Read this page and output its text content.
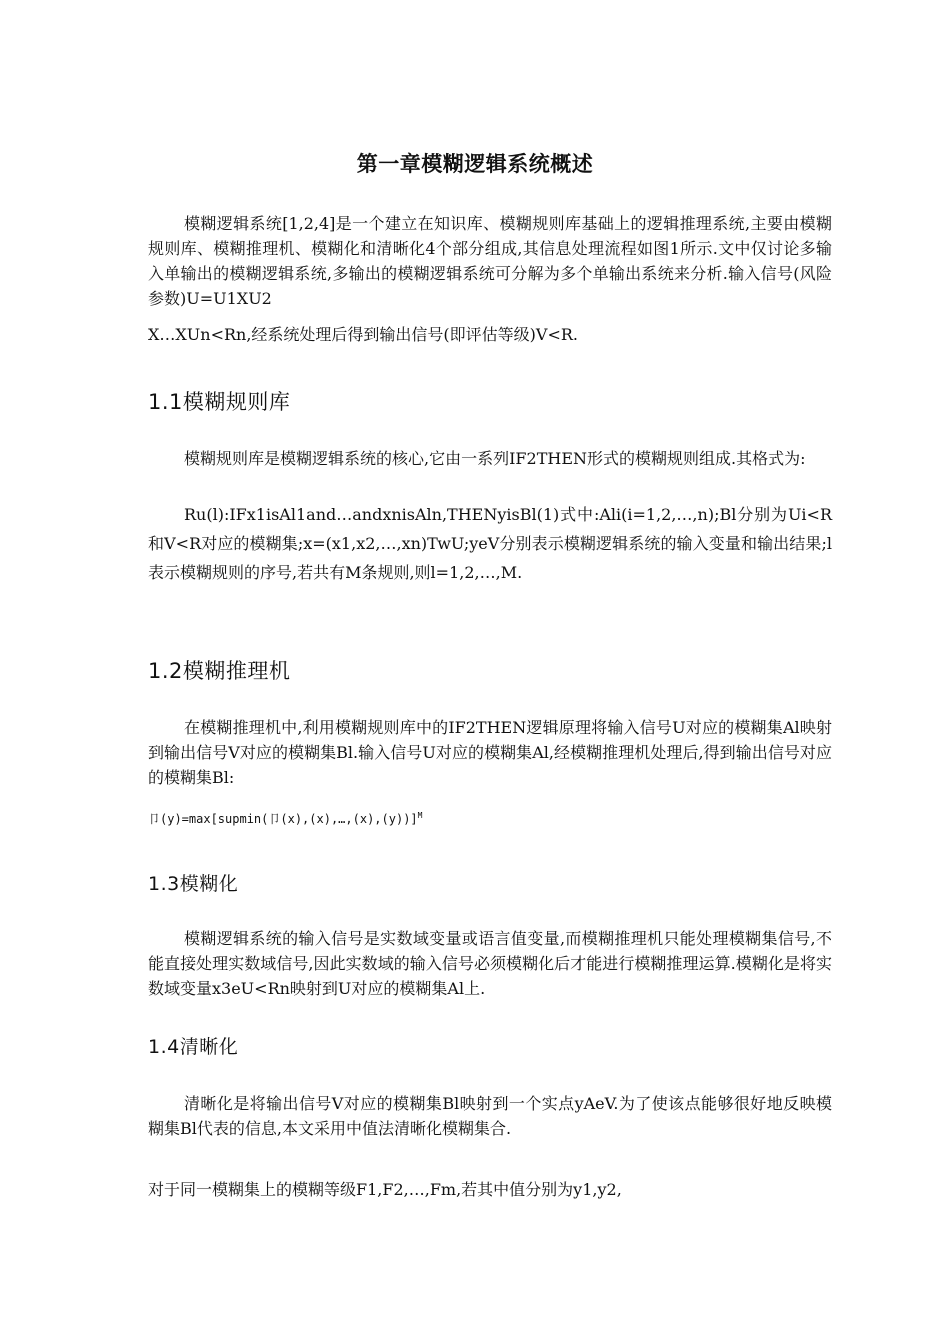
第一章模糊逻辑系统概述
模糊逻辑系统[1,2,4]是一个建立在知识库、模糊规则库基础上的逻辑推理系统,主要由模糊规则库、模糊推理机、模糊化和清晰化4个部分组成,其信息处理流程如图1所示.文中仅讨论多输入单输出的模糊逻辑系统,多输出的模糊逻辑系统可分解为多个单输出系统来分析.输入信号(风险参数)U=U1XU2
X…XUn<Rn,经系统处理后得到输出信号(即评估等级)V<R.
1.1模糊规则库
模糊规则库是模糊逻辑系统的核心,它由一系列IF2THEN形式的模糊规则组成.其格式为:
Ru(l):IFx1isAl1and…andxnisAln,THENyisBl(1)式中:Ali(i=1,2,…,n);Bl分别为Ui<R和V<R对应的模糊集;x=(x1,x2,…,xn)TwU;yeV分别表示模糊逻辑系统的输入变量和输出结果;l表示模糊规则的序号,若共有M条规则,则l=1,2,…,M.
1.2模糊推理机
在模糊推理机中,利用模糊规则库中的IF2THEN逻辑原理将输入信号U对应的模糊集Al映射到输出信号V对应的模糊集Bl.输入信号U对应的模糊集Al,经模糊推理机处理后,得到输出信号对应的模糊集Bl:
卩(y)=max[supmin(卩(x),(x),…,(x),(y))]$^M$
1.3模糊化
模糊逻辑系统的输入信号是实数域变量或语言值变量,而模糊推理机只能处理模糊集信号,不能直接处理实数域信号,因此实数域的输入信号必须模糊化后才能进行模糊推理运算.模糊化是将实数域变量x3eU<Rn映射到U对应的模糊集Al上.
1.4清晰化
清晰化是将输出信号V对应的模糊集Bl映射到一个实点yAeV.为了使该点能够很好地反映模糊集Bl代表的信息,本文采用中值法清晰化模糊集合.
对于同一模糊集上的模糊等级F1,F2,…,Fm,若其中值分别为y1,y2,
